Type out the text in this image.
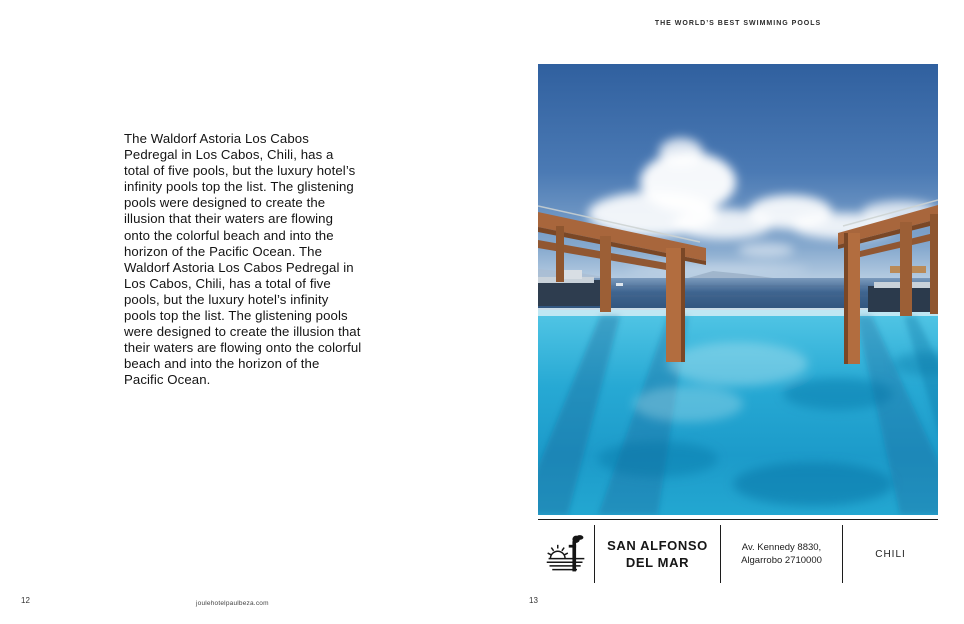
THE WORLD’S BEST SWIMMING POOLS
The Waldorf Astoria Los Cabos Pedregal in Los Cabos, Chili, has a total of five pools, but the luxury hotel’s infinity pools top the list. The glistening pools were designed to create the illusion that their waters are flowing onto the colorful beach and into the horizon of the Pacific Ocean. The Waldorf Astoria Los Cabos Pedregal in Los Cabos, Chili, has a total of five pools, but the luxury hotel’s infinity pools top the list. The glistening pools were designed to create the illusion that their waters are flowing onto the colorful beach and into the horizon of the Pacific Ocean.
SAN ALFONSO
DEL MAR
Av. Kennedy 8830,
Algarrobo 2710000
CHILI
12	13
joulehotelpaulbeza.com
